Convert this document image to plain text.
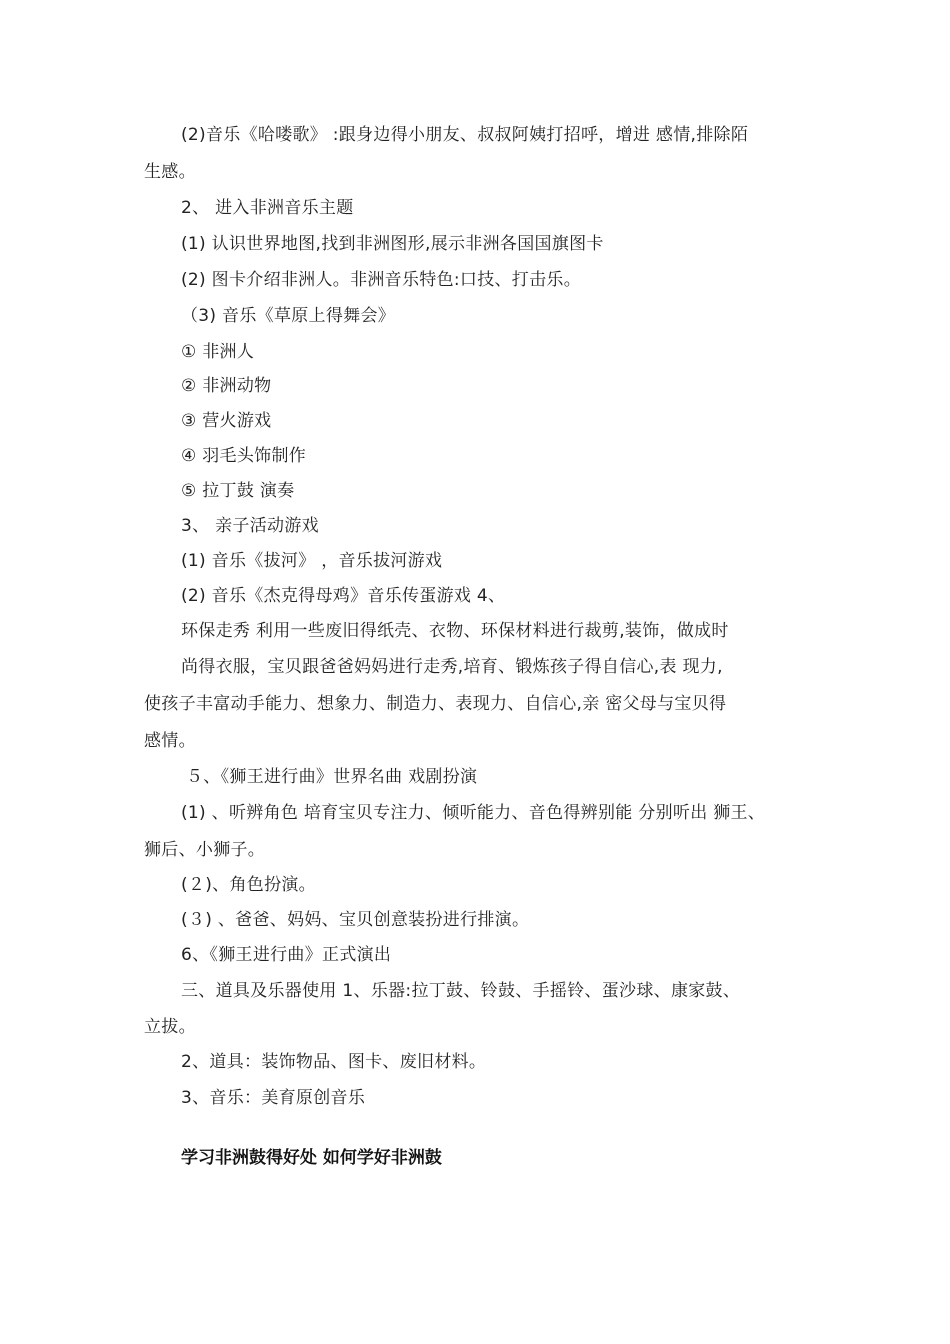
(2)音乐《哈喽歌》 :跟身边得小朋友、叔叔阿姨打招呼，增进 感情,排除陌
生感。
2、 进入非洲音乐主题
(1) 认识世界地图,找到非洲图形,展示非洲各国国旗图卡
(2) 图卡介绍非洲人。非洲音乐特色:口技、打击乐。
（3) 音乐《草原上得舞会》
① 非洲人
② 非洲动物
③ 营火游戏
④ 羽毛头饰制作
⑤ 拉丁鼓 演奏
3、 亲子活动游戏
(1) 音乐《拔河》 ，音乐拔河游戏
(2) 音乐《杰克得母鸡》音乐传蛋游戏 4、
环保走秀 利用一些废旧得纸壳、衣物、环保材料进行裁剪,装饰，做成时
尚得衣服，宝贝跟爸爸妈妈进行走秀,培育、锻炼孩子得自信心,表 现力,
使孩子丰富动手能力、想象力、制造力、表现力、自信心,亲 密父母与宝贝得
感情。
５、《狮王进行曲》世界名曲 戏剧扮演
(1) 、听辨角色 培育宝贝专注力、倾听能力、音色得辨别能 分别听出 狮王、
狮后、小狮子。
(２)、角色扮演。
(３) 、爸爸、妈妈、宝贝创意装扮进行排演。
6、《狮王进行曲》正式演出
三、道具及乐器使用 1、乐器:拉丁鼓、铃鼓、手摇铃、蛋沙球、康家鼓、
立拔。
2、道具：装饰物品、图卡、废旧材料。
3、音乐：美育原创音乐
学习非洲鼓得好处 如何学好非洲鼓
